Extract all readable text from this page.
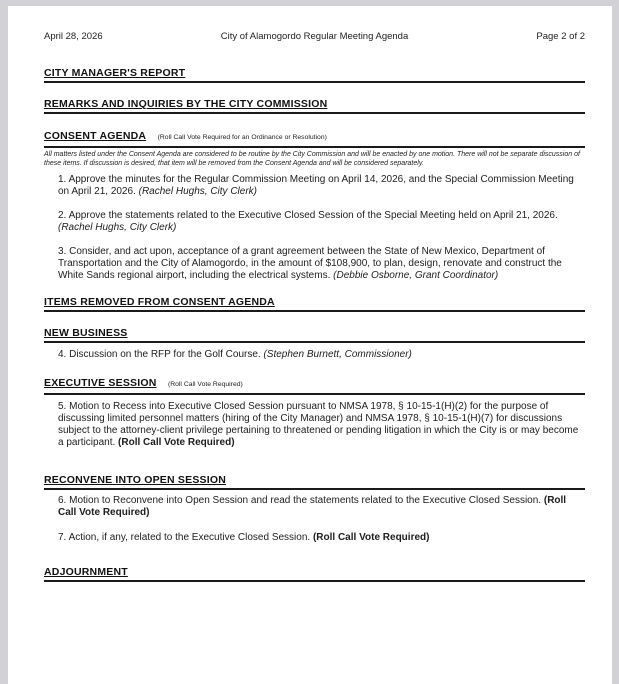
April 28, 2026	City of Alamogordo Regular Meeting Agenda	Page 2 of 2
CITY MANAGER'S REPORT
REMARKS AND INQUIRIES BY THE CITY COMMISSION
CONSENT AGENDA (Roll Call Vote Required for an Ordinance or Resolution)
All matters listed under the Consent Agenda are considered to be routine by the City Commission and will be enacted by one motion. There will not be separate discussion of these items. If discussion is desired, that item will be removed from the Consent Agenda and will be considered separately.

1. Approve the minutes for the Regular Commission Meeting on April 14, 2026, and the Special Commission Meeting on April 21, 2026. (Rachel Hughs, City Clerk)

2. Approve the statements related to the Executive Closed Session of the Special Meeting held on April 21, 2026. (Rachel Hughs, City Clerk)

3. Consider, and act upon, acceptance of a grant agreement between the State of New Mexico, Department of Transportation and the City of Alamogordo, in the amount of $108,900, to plan, design, renovate and construct the White Sands regional airport, including the electrical systems. (Debbie Osborne, Grant Coordinator)

ITEMS REMOVED FROM CONSENT AGENDA
NEW BUSINESS

4. Discussion on the RFP for the Golf Course. (Stephen Burnett, Commissioner)

EXECUTIVE SESSION (Roll Call Vote Required)

5. Motion to Recess into Executive Closed Session pursuant to NMSA 1978, § 10-15-1(H)(2) for the purpose of discussing limited personnel matters (hiring of the City Manager) and NMSA 1978, § 10-15-1(H)(7) for discussions subject to the attorney-client privilege pertaining to threatened or pending litigation in which the City is or may become a participant. (Roll Call Vote Required)

RECONVENE INTO OPEN SESSION

6. Motion to Reconvene into Open Session and read the statements related to the Executive Closed Session. (Roll Call Vote Required)

7. Action, if any, related to the Executive Closed Session. (Roll Call Vote Required)

ADJOURNMENT
